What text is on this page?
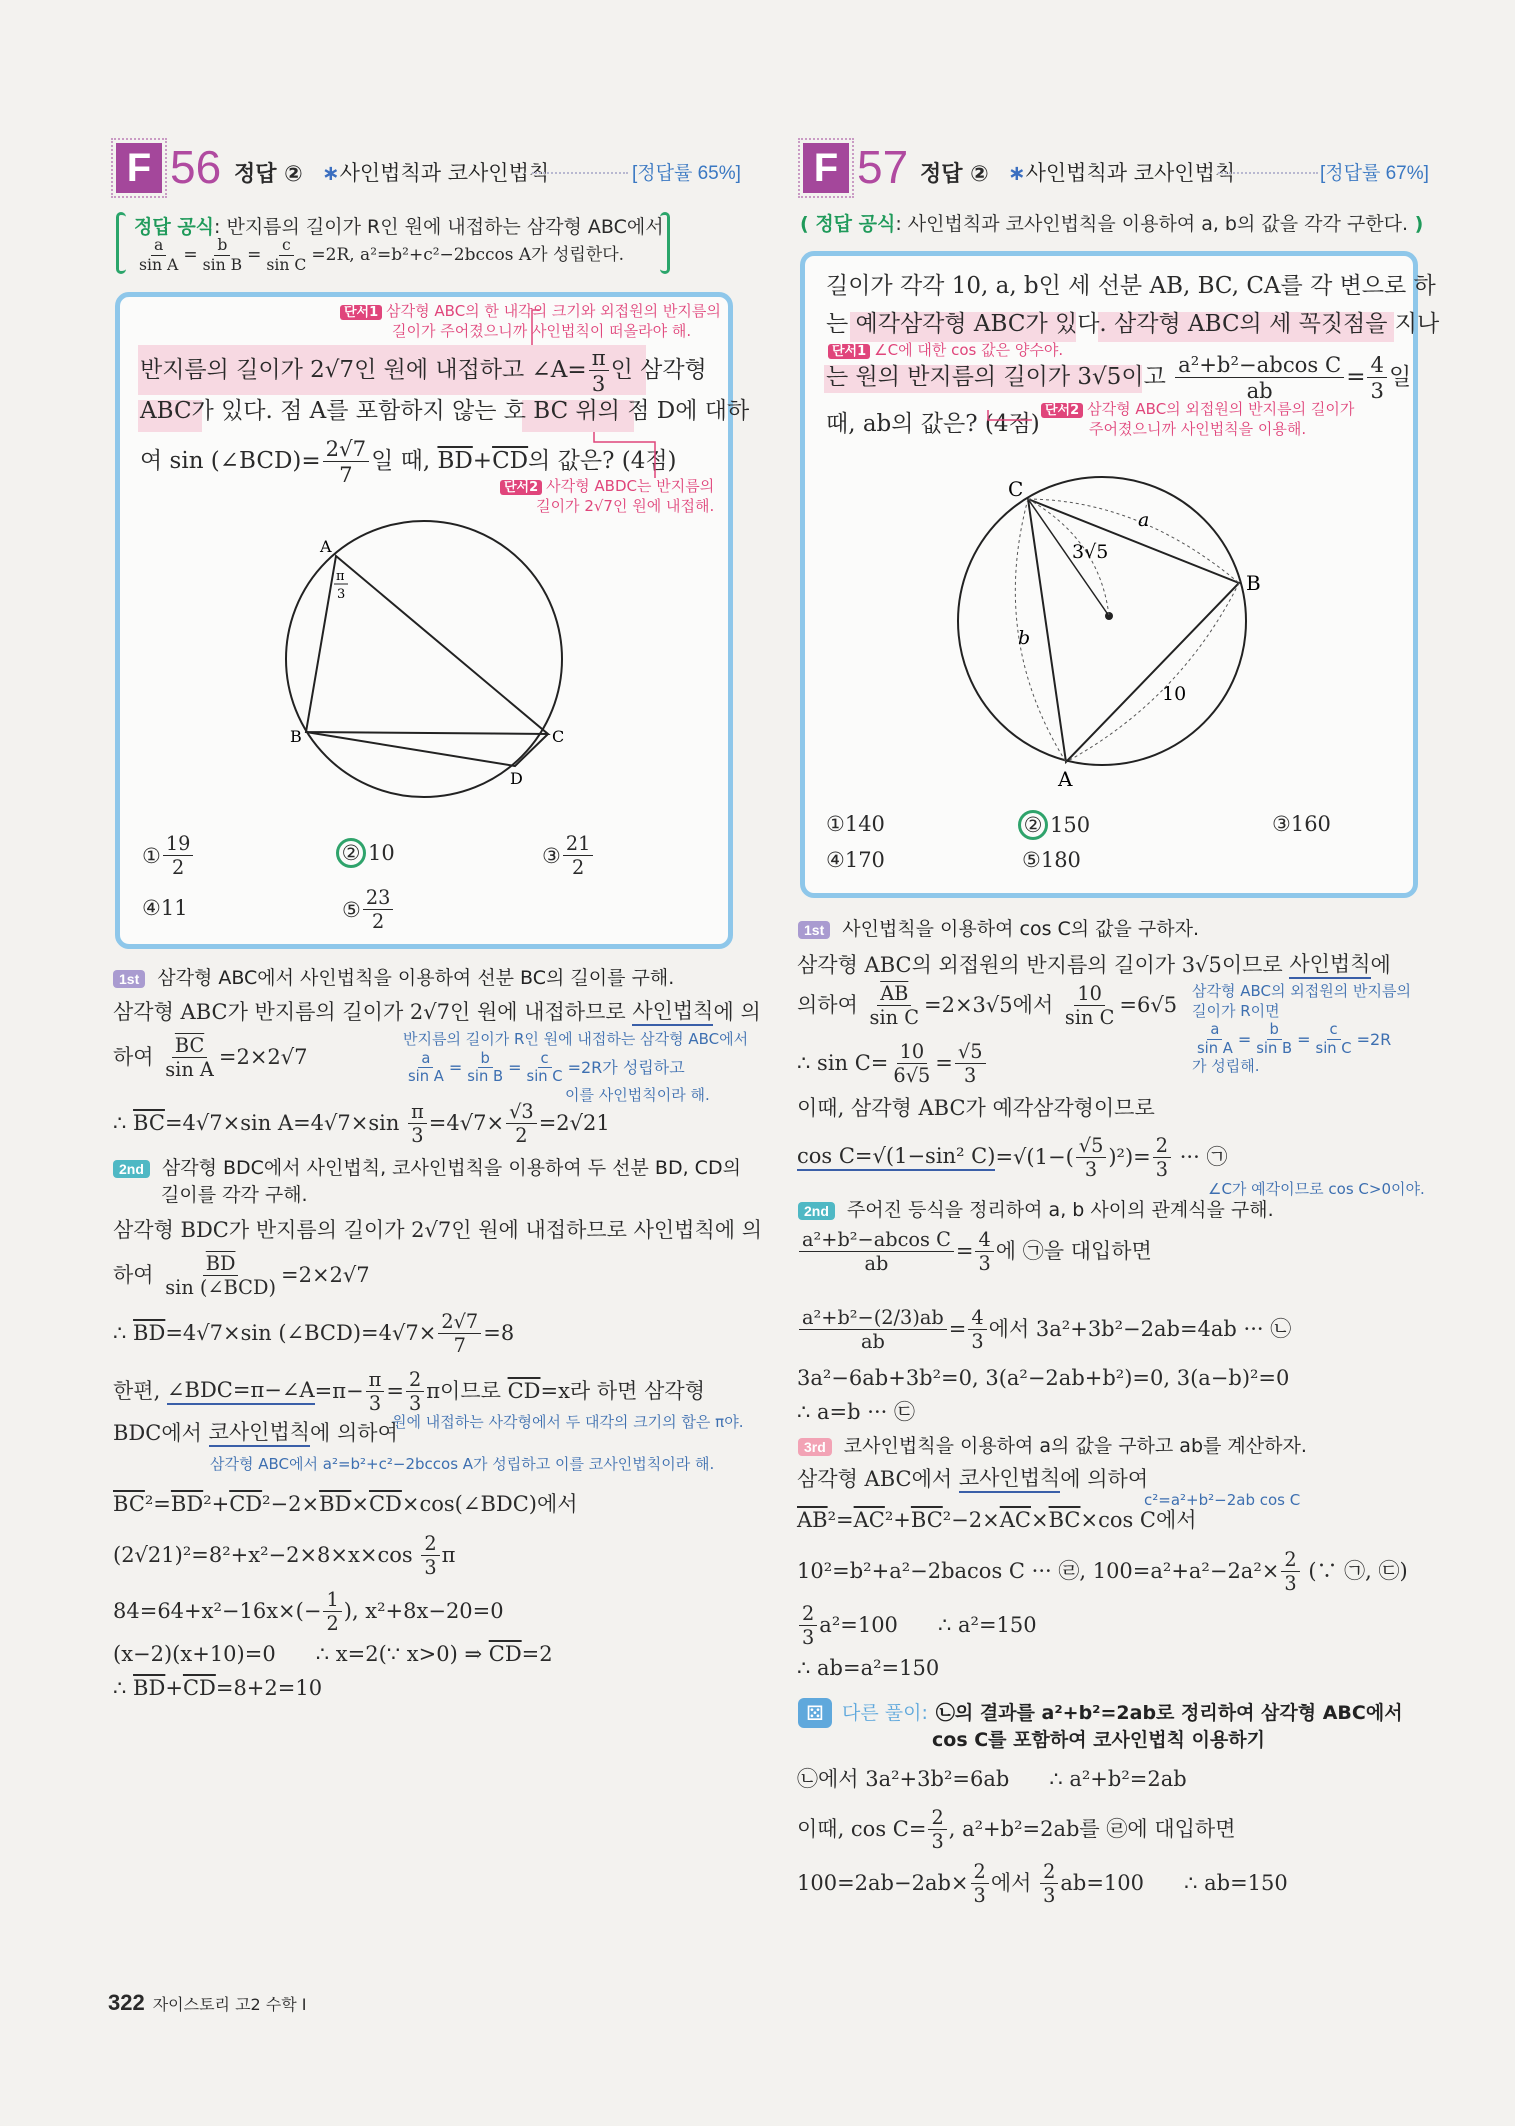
F 56 정답 ② ∗사인법칙과 코사인법칙	[정답률 65%]
정답 공식: 반지름의 길이가 R인 원에 내접하는 삼각형 ABC에서
$\frac{a}{\text{sin A}} = \frac{b}{\text{sin B}} = \frac{c}{\text{sin C}} =2R$, a²=b²+c²−2bccos A가 성립한다.
단서1 삼각형 ABC의 한 내각의 크기와 외접원의 반지름의
길이가 주어졌으니까 사인법칙이 떠올라야 해.
반지름의 길이가 2√7인 원에 내접하고 ∠A= $\frac{\pi}{3}$ 인 삼각형
ABC가 있다. 점 A를 포함하지 않는 호 BC 위의 점 D에 대하
여 sin (∠BCD)= $\frac{2√7}{7}$ 일 때, $\overline{BD} + \overline{CD}$ 의 값은? (4점)
단서2 사각형 ABDC는 반지름의
길이가 2√7인 원에 내접해.
A
B	C
D
π
3
① $\frac{19}{2}$	② 10	③ $\frac{21}{2}$
④ 11	⑤ $\frac{23}{2}$
1st 삼각형 ABC에서 사인법칙을 이용하여 선분 BC의 길이를 구해.
삼각형 ABC가 반지름의 길이가 2√7인 원에 내접하므로 사인법칙 에 의
하여 $\frac{\overline{BC}}{\text{sin A}} =2\times 2√7$
반지름의 길이가 R인 원에 내접하는 삼각형 ABC에서
$\frac{a}{\text{sin A}} = \frac{b}{\text{sin B}} = \frac{c}{\text{sin C}} =2R$가 성립하고
이를 사인법칙이라 해.
∴ $\overline{BC} =4√7\times\sin$ $A=4√7\times\sin \frac{\pi}{3} =4√7\times \frac{√3}{2} =2√21$
2nd 삼각형 BDC에서 사인법칙, 코사인법칙을 이용하여 두 선분 BD, CD의
길이를 각각 구해.
삼각형 BDC가 반지름의 길이가 2√7인 원에 내접하므로 사인법칙에 의
하여 $\overline{BD}$
sin (∠BCD)
=2×2√7
∴ $\overline{BD} =4√7\times\sin$ (∠BCD)=4√7× $\frac{2√7}{7} =8$
한편, ∠BDC=π−∠A $=\pi- \frac{\pi}{3} = \frac{2}{3}$ π이므로 $\overline{CD} =x$라 하면 삼각형
원에 내접하는 사각형에서 두 대각의 크기의 합은 π야.
BDC에서 코사인법칙 에 의하여
삼각형 ABC에서 a²=b²+c²−2bccos A가 성립하고 이를 코사인법칙이라 해.
$\overline{BC}$ $^2= \overline{BD}$ $^2+ \overline{CD}$ $^2-2\times \overline{BD} \times \overline{CD}$ ×cos(∠BDC)에서
$(2√21)^2=8^2+x^2-2\times 8\times x\times\cos \frac{2}{3}$ π
$84=64+x^2-16x\times(- \frac{1}{2}$ ), x²+8x−20=0
(x−2)(x+10)=0      ∴ x=2(∵ x>0) ⇒ $\overline{CD} =2$
∴ $\overline{BD} + \overline{CD} =8+2=10$
F 57 정답 ② ∗사인법칙과 코사인법칙	[정답률 67%]
( 정답 공식: 사인법칙과 코사인법칙을 이용하여 a, b의 값을 각각 구한다. )
길이가 각각 10, a, b인 세 선분 AB, BC, CA를 각 변으로 하
는 예각삼각형 ABC가 있다. 삼각형 ABC의 세 꼭짓점을 지나
단서1 ∠C에 대한 cos 값은 양수야.
는 원의 반지름의 길이가 3√5이고 $\frac{\text{a²+b²−abcos C}}{ab} = \frac{4}{3}$ 일
때, ab의 값은? (4점)
단서2 삼각형 ABC의 외접원의 반지름의 길이가
주어졌으니까 사인법칙을 이용해.
C
B
A
a
b
10
3√5
① 140	② 150	③ 160
④ 170	⑤ 180
1st 사인법칙을 이용하여 cos C의 값을 구하자.
삼각형 ABC의 외접원의 반지름의 길이가 3√5이므로 사인법칙 에
의하여 $\frac{\overline{AB}}{\text{sin C}} =2\times 3√5$에서 $\frac{10}{\text{sin C}} =6√5$
삼각형 ABC의 외접원의 반지름의
길이가 R이면
$\frac{a}{\text{sin A}} = \frac{b}{\text{sin B}} = \frac{c}{\text{sin C}} =2R$
가 성립해.
∴ $\sin C= \frac{10}{6√5} = \frac{√5}{3}$
이때, 삼각형 ABC가 예각삼각형이므로
cos C=√(1−sin² $C) =√(1-( \frac{√5}{3} )^2)= \frac{2}{3}$ ··· ㉠
∠C가 예각이므로 cos C>0이야.
2nd 주어진 등식을 정리하여 a, b 사이의 관계식을 구해.
$\frac{\text{a²+b²−abcos C}}{ab} = \frac{4}{3}$ 에 ㉠을 대입하면
$\frac{\text{a²+b²−(2/3)ab}}{ab} = \frac{4}{3}$ 에서 3a²+3b²−2ab=4ab ··· ㉡
3a²−6ab+3b²=0, 3(a²−2ab+b²)=0, 3(a−b)²=0
∴ a=b ··· ㉢
3rd 코사인법칙을 이용하여 a의 값을 구하고 ab를 계산하자.
삼각형 ABC에서 코사인법칙 에 의하여
c²=a²+b²−2ab cos C
$\overline{AB}$ $^2= \overline{AC}$ $^2+ \overline{BC}$ $^2-2\times \overline{AC} \times \overline{BC} \times\cos$ C에서
10²=b²+a²−2bacos C ··· ㉣, $100=a^2+a^2-2a^2\times \frac{2}{3}$ (∵ ㉠, ㉢)
$\frac{2}{3} a^2=100$      ∴ a²=150
∴ ab=a²=150
⚄ 다른 풀이: ㉡의 결과를 a²+b²=2ab로 정리하여 삼각형 ABC에서
cos C를 포함하여 코사인법칙 이용하기
㉡에서 3a²+3b²=6ab      ∴ a²+b²=2ab
이때, $\cos C= \frac{2}{3}$ , a²+b²=2ab를 ㉣에 대입하면
$100=2ab-2ab\times \frac{2}{3}$ 에서 $\frac{2}{3} ab=100$      ∴ ab=150
322 자이스토리 고2 수학 I
